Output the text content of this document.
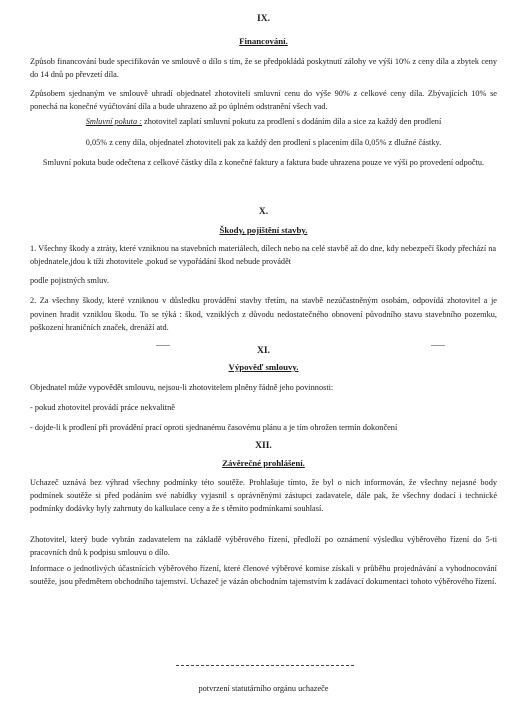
IX.
Financování.

Způsob financování bude specifikován ve smlouvě o dílo s tím, že se předpokládá poskytnutí zálohy ve výši 10% z ceny díla a zbytek ceny do 14 dnů po převzetí díla.

Způsobem sjednaným ve smlouvě uhradí objednatel zhotoviteli smluvní cenu do výše 90% z celkové ceny díla. Zbývajících 10% se ponechá na konečné vyúčtování díla a bude uhrazeno až po úplném odstranění všech vad.

Smluvní pokuta : zhotovitel zaplatí smluvní pokutu za prodlení s dodáním díla a sice za každý den prodlení

0,05% z ceny díla, objednatel zhotoviteli pak za každý den prodlení s placením díla 0,05% z dlužné částky.

Smluvní pokuta bude odečtena z celkové částky díla z konečné faktury a faktura bude uhrazena pouze ve výši po provedení odpočtu.

X.
Škody, pojištění stavby.

1. Všechny škody a ztráty, které vzniknou na stavebních materiálech, dílech nebo na celé stavbě až do dne, kdy nebezpečí škody přechází na objednatele,jdou k tíži zhotovitele ,pokud se vypořádání škod nebude provádět

podle pojistných smluv.

2. Za všechny škody, které vzniknou v důsledku provádění stavby třetím, na stavbě nezúčastněným osobám, odpovídá zhotovitel a je povinen hradit vzniklou škodu. To se týká : škod, vzniklých z důvodu nedostatečného obnovení původního stavu stavebního pozemku, poškození hraničních značek, drenáží atd.

XI.
Výpověď smlouvy.

Objednatel může vypovědět smlouvu, nejsou-li zhotovitelem plněny řádně jeho povinnosti:

- pokud zhotovitel provádí práce nekvalitně

- dojde-li k prodlení při provádění prací oproti sjednanému časovému plánu a je tím ohrožen termín dokončení

XII.
Závěrečné prohlášení.

Uchazeč uznává bez výhrad všechny podmínky této soutěže. Prohlašuje tímto, že byl o nich informován, že všechny nejasné body podmínek soutěže si před podáním své nabídky vyjasnil s oprávněnými zástupci zadavatele, dále pak, že všechny dodací i technické podmínky dodávky byly zahrnuty do kalkulace ceny a že s těmito podmínkami souhlasí.

Zhotovitel, který bude vybrán zadavatelem na základě výběrového řízení, předloží po oznámení výsledku výběrového řízení do 5-ti pracovních dnů k podpisu smlouvu o dílo.

Informace o jednotlivých účastnících výběrového řízení, které členové výběrové komise získali v průběhu projednávání a vyhodnocování soutěže, jsou předmětem obchodního tajemství. Uchazeč je vázán obchodním tajemstvím k zadávací dokumentaci tohoto výběrového řízení.

potvrzení statutárního orgánu uchazeče
